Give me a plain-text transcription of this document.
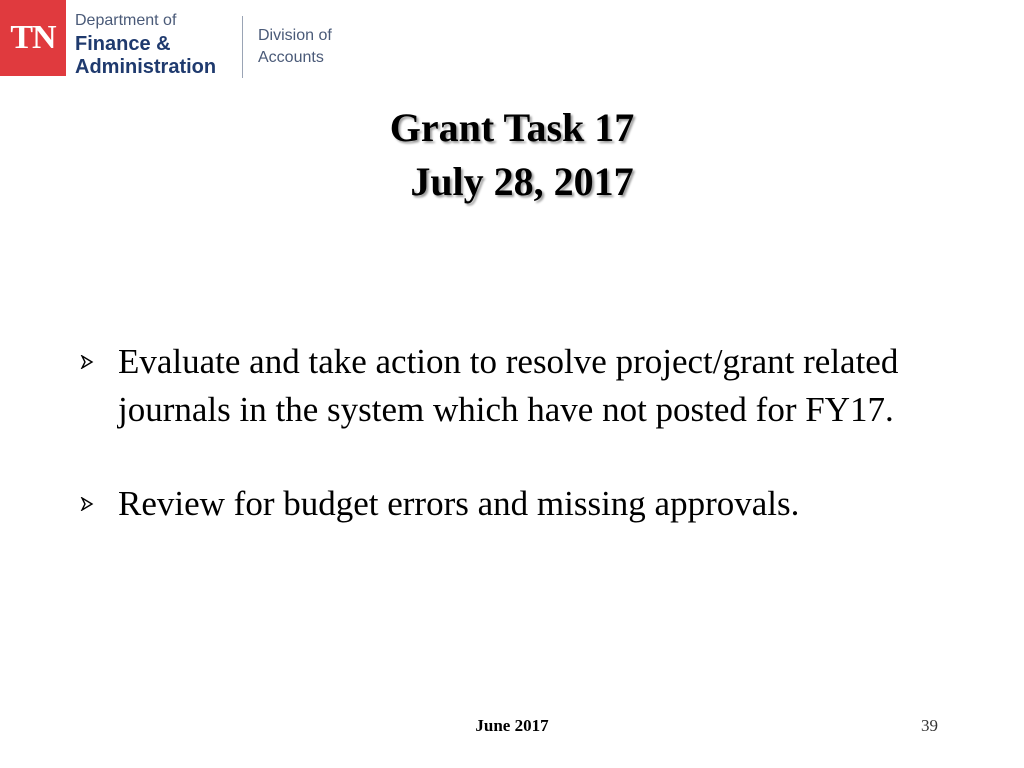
TN	Department of
Finance &
Administration
Division of
Accounts
Grant Task 17
July 28, 2017
Evaluate and take action to resolve project/grant related journals in the system which have not posted for FY17.
Review for budget errors and missing approvals.
June 2017	39
